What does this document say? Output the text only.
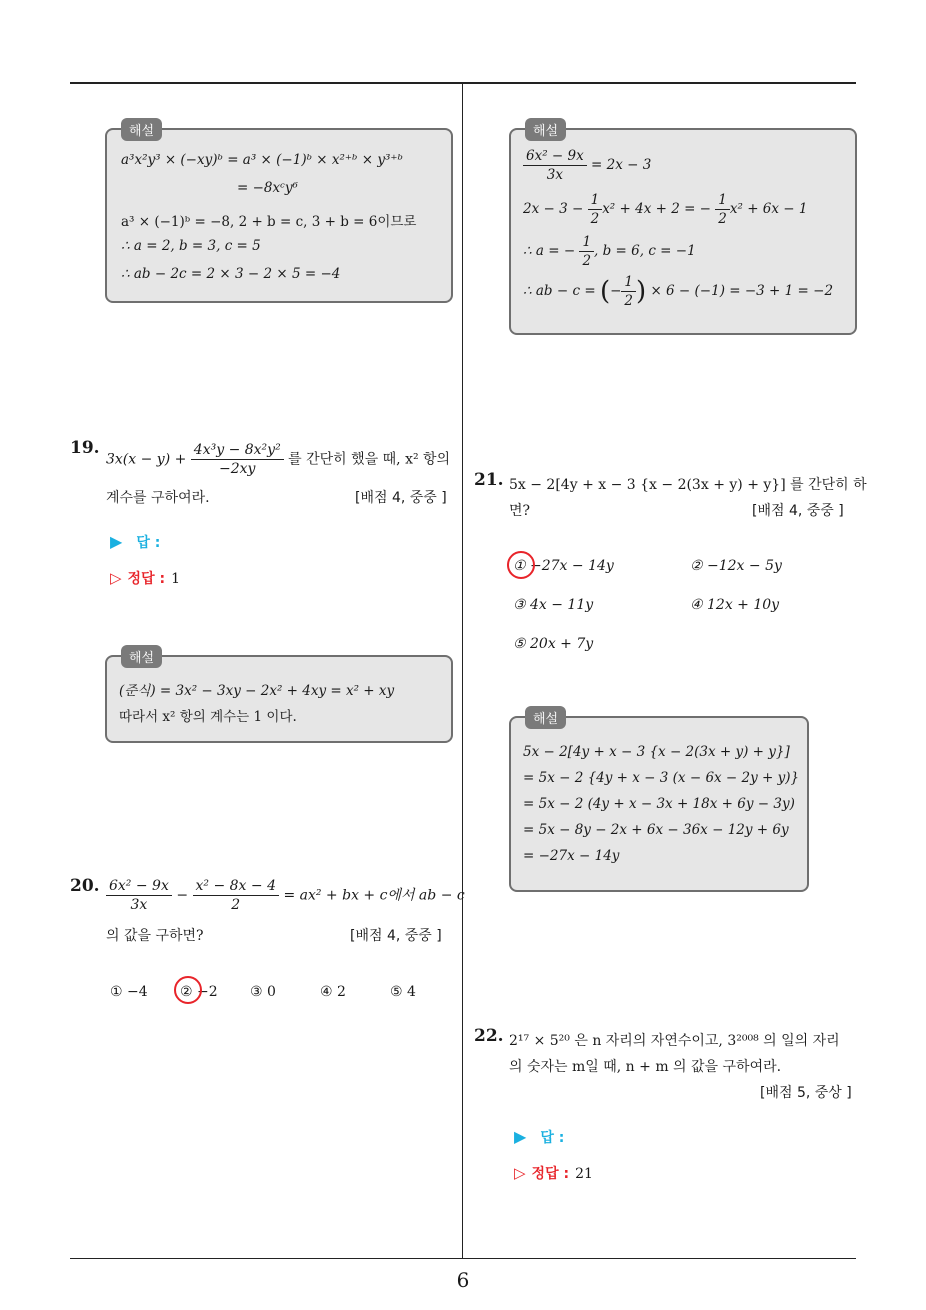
해설
a³x²y³ × (−xy)ᵇ = a³ × (−1)ᵇ × x²⁺ᵇ × y³⁺ᵇ
= −8xᶜy⁶
a³ × (−1)ᵇ = −8, 2 + b = c, 3 + b = 6이므로
∴ a = 2, b = 3, c = 5
∴ ab − 2c = 2 × 3 − 2 × 5 = −4
19.
$3x(x - y) + \frac{\text{4x³y − 8x²y²}}{-2xy}$ 를 간단히 했을 때, x² 항의
계수를 구하여라.	[배점 4, 중중 ]
▶ 답 :
▷ 정답 : 1
해설
(준식) = 3x² − 3xy − 2x² + 4xy = x² + xy
따라서 x² 항의 계수는 1 이다.
20. $\frac{\text{6x² − 9x}}{3x} - \frac{\text{x² − 8x − 4}}{2} = ax^2$ + bx + c에서 ab − c
의 값을 구하면?	[배점 4, 중중 ]
① −4 ② −2 ③ 0	④ 2	⑤ 4
해설
$\frac{\text{6x² − 9x}}{3x} = 2x - 3$
$2x - 3 - \frac{1}{2} x^2 + 4x + 2$ = − $\frac{1}{2} x^2 + 6x - 1$
∴ a = − $\frac{1}{2}$ , b = 6, c = −1
∴ ab − c = (− $\frac{1}{2}$ ) × 6 − (−1) = −3 + 1 = −2
21. 5x − 2[4y + x − 3 {x − 2(3x + y) + y}] 를 간단히 하
면?	[배점 4, 중중 ]
① −27x − 14y	② −12x − 5y
③ 4x − 11y	④ 12x + 10y
⑤ 20x + 7y
해설
5x − 2[4y + x − 3 {x − 2(3x + y) + y}]
= 5x − 2 {4y + x − 3 (x − 6x − 2y + y)}
= 5x − 2 (4y + x − 3x + 18x + 6y − 3y)
= 5x − 8y − 2x + 6x − 36x − 12y + 6y
= −27x − 14y
22. 2¹⁷ × 5²⁰ 은 n 자리의 자연수이고, 3²⁰⁰⁸ 의 일의 자리
의 숫자는 m일 때, n + m 의 값을 구하여라.
[배점 5, 중상 ]
▶ 답 :
▷ 정답 : 21
6
